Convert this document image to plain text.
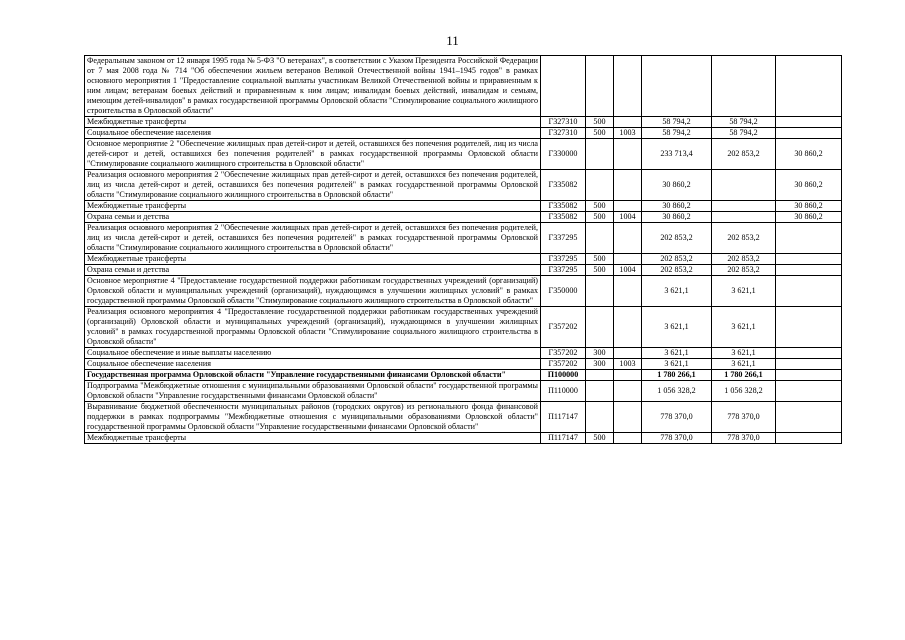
11
Федеральным законом от 12 января 1995 года № 5-ФЗ "О ветеранах", в соответствии с Указом Президента Российской Федерации от 7 мая 2008 года № 714 "Об обеспечении жильем ветеранов Великой Отечественной войны 1941–1945 годов" в рамках основного мероприятия 1 "Предоставление социальной выплаты участникам Великой Отечественной войны и приравненным к ним лицам; ветеранам боевых действий и приравненным к ним лицам; инвалидам боевых действий, инвалидам и семьям, имеющим детей-инвалидов" в рамках государственной программы Орловской области "Стимулирование социального жилищного строительства в Орловской области"						
Межбюджетные трансферты	Г327310	500		58 794,2	58 794,2	
Социальное обеспечение населения	Г327310	500	1003	58 794,2	58 794,2	
Основное мероприятие 2 "Обеспечение жилищных прав детей-сирот и детей, оставшихся без попечения родителей, лиц из числа детей-сирот и детей, оставшихся без попечения родителей" в рамках государственной программы Орловской области "Стимулирование социального жилищного строительства в Орловской области"	Г330000			233 713,4	202 853,2	30 860,2
Реализация основного мероприятия 2 "Обеспечение жилищных прав детей-сирот и детей, оставшихся без попечения родителей, лиц из числа детей-сирот и детей, оставшихся без попечения родителей" в рамках государственной программы Орловской области "Стимулирование социального жилищного строительства в Орловской области"	Г335082			30 860,2		30 860,2
Межбюджетные трансферты	Г335082	500		30 860,2		30 860,2
Охрана семьи и детства	Г335082	500	1004	30 860,2		30 860,2
Реализация основного мероприятия 2 "Обеспечение жилищных прав детей-сирот и детей, оставшихся без попечения родителей, лиц из числа детей-сирот и детей, оставшихся без попечения родителей" в рамках государственной программы Орловской области "Стимулирование социального жилищного строительства в Орловской области"	Г337295			202 853,2	202 853,2	
Межбюджетные трансферты	Г337295	500		202 853,2	202 853,2	
Охрана семьи и детства	Г337295	500	1004	202 853,2	202 853,2	
Основное мероприятие 4 "Предоставление государственной поддержки работникам государственных учреждений (организаций) Орловской области и муниципальных учреждений (организаций), нуждающимся в улучшении жилищных условий" в рамках государственной программы Орловской области "Стимулирование социального жилищного строительства в Орловской области"	Г350000			3 621,1	3 621,1	
Реализация основного мероприятия 4 "Предоставление государственной поддержки работникам государственных учреждений (организаций) Орловской области и муниципальных учреждений (организаций), нуждающимся в улучшении жилищных условий" в рамках государственной программы Орловской области "Стимулирование социального жилищного строительства в Орловской области"	Г357202			3 621,1	3 621,1	
Социальное обеспечение и иные выплаты населению	Г357202	300		3 621,1	3 621,1	
Социальное обеспечение населения	Г357202	300	1003	3 621,1	3 621,1	
Государственная программа Орловской области "Управление государственными финансами Орловской области"	П100000			1 780 266,1	1 780 266,1	
Подпрограмма "Межбюджетные отношения с муниципальными образованиями Орловской области" государственной программы Орловской области "Управление государственными финансами Орловской области"	П110000			1 056 328,2	1 056 328,2	
Выравнивание бюджетной обеспеченности муниципальных районов (городских округов) из регионального фонда финансовой поддержки в рамках подпрограммы "Межбюджетные отношения с муниципальными образованиями Орловской области" государственной программы Орловской области "Управление государственными финансами Орловской области"	П117147			778 370,0	778 370,0	
Межбюджетные трансферты	П117147	500		778 370,0	778 370,0	
